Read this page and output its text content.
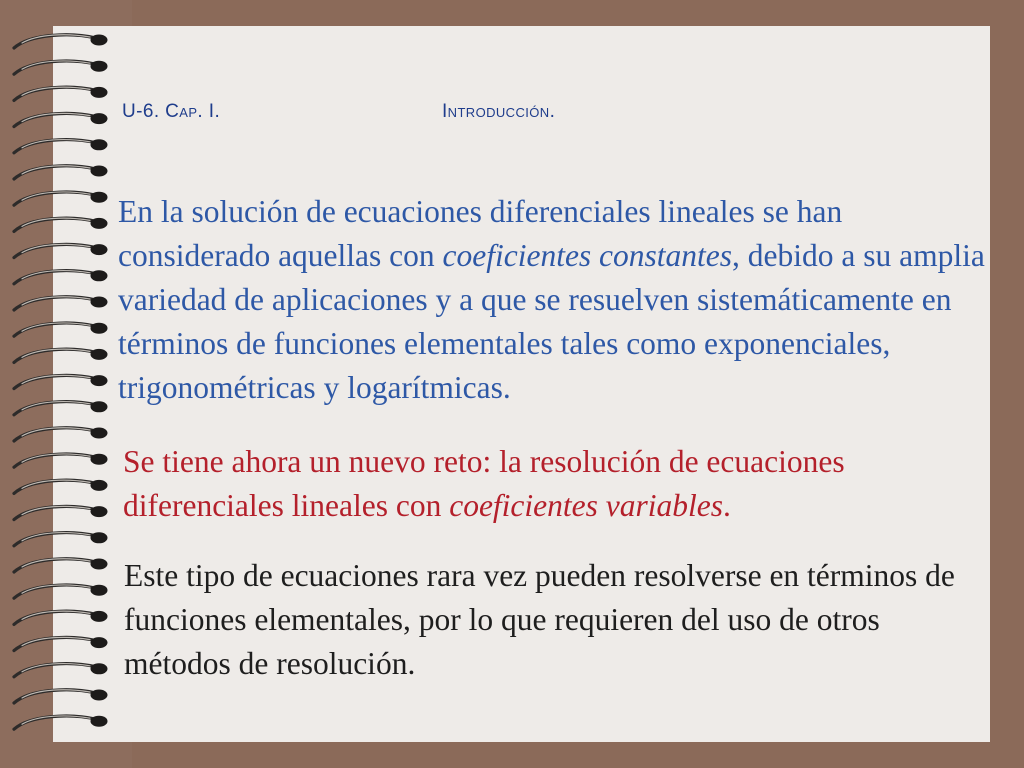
U-6. Cap. I.	Introducción.

En la solución de ecuaciones diferenciales lineales se han considerado aquellas con coeficientes constantes, debido a su amplia variedad de aplicaciones y a que se resuelven sistemáticamente en términos de funciones elementales tales como exponenciales, trigonométricas y logarítmicas.

Se tiene ahora un nuevo reto: la resolución de ecuaciones diferenciales lineales con coeficientes variables.

Este tipo de ecuaciones rara vez pueden resolverse en términos de funciones elementales, por lo que requieren del uso de otros métodos de resolución.
